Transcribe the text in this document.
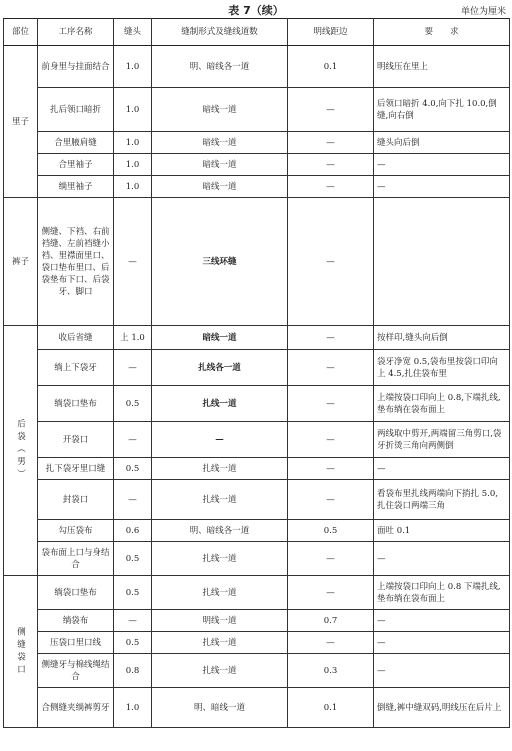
表 7（续）	单位为厘米
部位	工序名称	缝头	缝制形式及缝线道数	明线距边	要　　求
里子	前身里与挂面结合	1.0	明、暗线各一道	0.1	明线压在里上
	扎后领口暗折	1.0	暗线一道	—	后领口暗折 4.0,向下扎 10.0,倒缝,向右倒
	合里腋肩缝	1.0	暗线一道	—	缝头向后倒
	合里袖子	1.0	暗线一道	—	—
	绱里袖子	1.0	暗线一道	—	—
裤子	侧缝、下裆、右前裆缝、左前裆缝小裆、里襟面里口、袋口垫布里口、后袋垫布下口、后袋牙、脚口	—	三线环缝	—	
后袋（男）	收后省缝	上 1.0	暗线一道	—	按样印,缝头向后倒
	绱上下袋牙	—	扎线各一道	—	袋牙净宽 0.5,袋布里按袋口印向上 4.5,扎住袋布里
	绱袋口垫布	0.5	扎线一道	—	上端按袋口印向上 0.8,下端扎线,垫布绱在袋布面上
	开袋口	—	—	—	两线取中剪开,两端留三角剪口,袋牙折烫三角向两侧倒
	扎下袋牙里口缝	0.5	扎线一道	—	—
	封袋口	—	扎线一道	—	看袋布里扎线两端向下捎扎 5.0,扎住袋口两端三角
	勾压袋布	0.6	明、暗线各一道	0.5	面吐 0.1
	袋布面上口与身结合	0.5	扎线一道	—	—
侧缝袋口	绱袋口垫布	0.5	扎线一道	—	上端按袋口印向上 0.8 下端扎线,垫布绱在袋布面上
	绱袋布	—	明线一道	0.7	—
	压袋口里口线	0.5	扎线一道	—	—
	侧缝牙与棉线绳结合	0.8	扎线一道	0.3	—
	合侧缝夹绱裤剪牙	1.0	明、暗线一道	0.1	倒缝,裤中缝双码,明线压在后片上
